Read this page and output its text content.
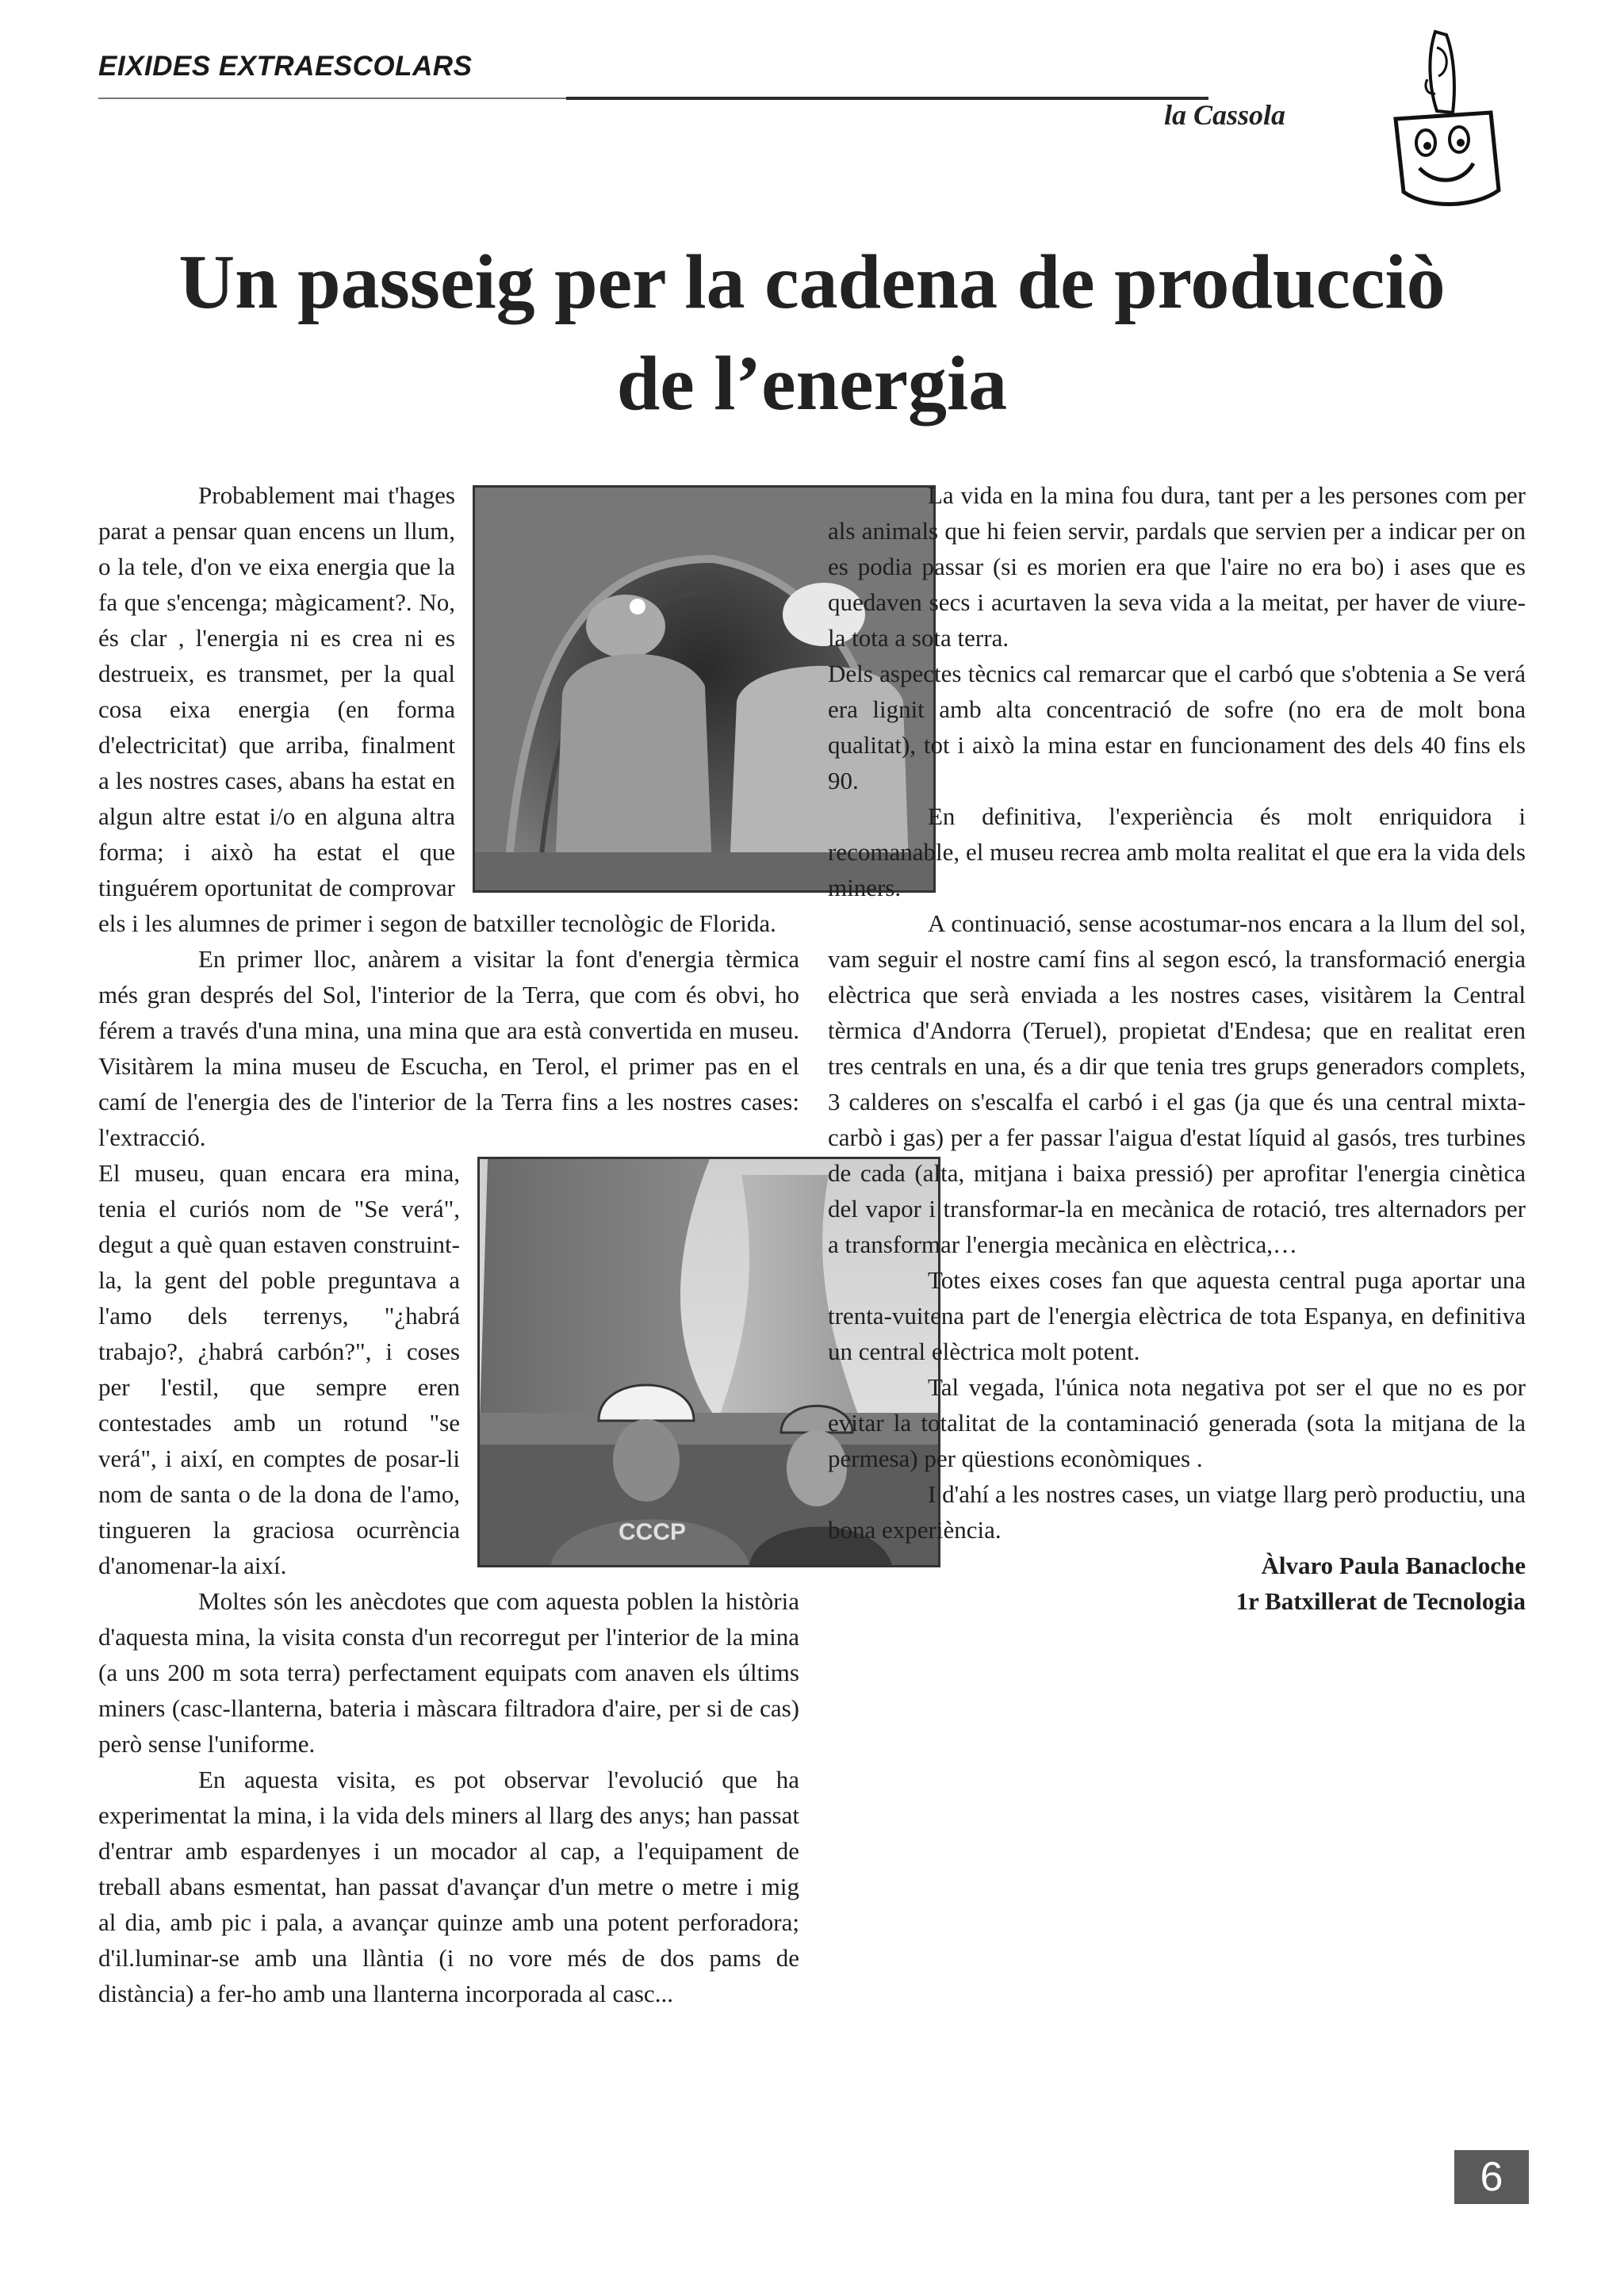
EIXIDES EXTRAESCOLARS
la Cassola
Un passeig per la cadena de producciò
de l’energia

Probablement mai t'hages parat a pensar quan encens un llum, o la tele, d'on ve eixa energia que la fa que s'encenga; màgicament?. No, és clar , l'energia ni es crea ni es destrueix, es transmet, per la qual cosa eixa energia (en forma d'electricitat) que arriba, finalment a les nostres cases, abans ha estat en algun altre estat i/o en alguna altra forma; i això ha estat el que tinguérem oportunitat de comprovar els i les alumnes de primer i segon de batxiller tecnològic de Florida.

En primer lloc, anàrem a visitar la font d'energia tèrmica més gran després del Sol, l'interior de la Terra, que com és obvi, ho férem a través d'una mina, una mina que ara està convertida en museu. Visitàrem la mina museu de Escucha, en Terol, el primer pas en el camí de l'energia des de l'interior de la Terra fins a les nostres cases: l'extracció.

CCCP

El museu, quan encara era mina, tenia el curiós nom de "Se verá", degut a què quan estaven construint-la, la gent del poble preguntava a l'amo dels terrenys, "¿habrá trabajo?, ¿habrá carbón?", i coses per l'estil, que sempre eren contestades amb un rotund "se verá", i així, en comptes de posar-li nom de santa o de la dona de l'amo, tingueren la graciosa ocurrència d'anomenar-la així.

Moltes són les anècdotes que com aquesta poblen la història d'aquesta mina, la visita consta d'un recorregut per l'interior de la mina (a uns 200 m sota terra) perfectament equipats com anaven els últims miners (casc-llanterna, bateria i màscara filtradora d'aire, per si de cas) però sense l'uniforme.

En aquesta visita, es pot observar l'evolució que ha experimentat la mina, i la vida dels miners al llarg des anys; han passat d'entrar amb espardenyes i un mocador al cap, a l'equipament de treball abans esmentat, han passat d'avançar d'un metre o metre i mig al dia, amb pic i pala, a avançar quinze amb una potent perforadora; d'il.luminar-se amb una llàntia (i no vore més de dos pams de distància) a fer-ho amb una llanterna incorporada al casc...

La vida en la mina fou dura, tant per a les persones com per als animals que hi feien servir, pardals que servien per a indicar per on es podia passar (si es morien era que l'aire no era bo) i ases que es quedaven secs i acurtaven la seva vida a la meitat, per haver de viure-la tota a sota terra.

Dels aspectes tècnics cal remarcar que el carbó que s'obtenia a Se verá era lignit amb alta concentració de sofre (no era de molt bona qualitat), tot i això la mina estar en funcionament des dels 40 fins els 90.

En definitiva, l'experiència és molt enriquidora i recomanable, el museu recrea amb molta realitat el que era la vida dels miners.

A continuació, sense acostumar-nos encara a la llum del sol, vam seguir el nostre camí fins al segon escó, la transformació energia elèctrica que serà enviada a les nostres cases, visitàrem la Central tèrmica d'Andorra (Teruel), propietat d'Endesa; que en realitat eren tres centrals en una, és a dir que tenia tres grups generadors complets, 3 calderes on s'escalfa el carbó i el gas (ja que és una central mixta-carbò i gas) per a fer passar l'aigua d'estat líquid al gasós, tres turbines de cada (alta, mitjana i baixa pressió) per aprofitar l'energia cinètica del vapor i transformar-la en mecànica de rotació, tres alternadors per a transformar l'energia mecànica en elèctrica,…

Totes eixes coses fan que aquesta central puga aportar una trenta-vuitena part de l'energia elèctrica de tota Espanya, en definitiva un central elèctrica molt potent.

Tal vegada, l'única nota negativa pot ser el que no es por evitar la totalitat de la contaminació generada (sota la mitjana de la permesa) per qüestions econòmiques .

I d'ahí a les nostres cases, un viatge llarg però productiu, una bona experiència.

Àlvaro Paula Banacloche
1r Batxillerat de Tecnologia
6
